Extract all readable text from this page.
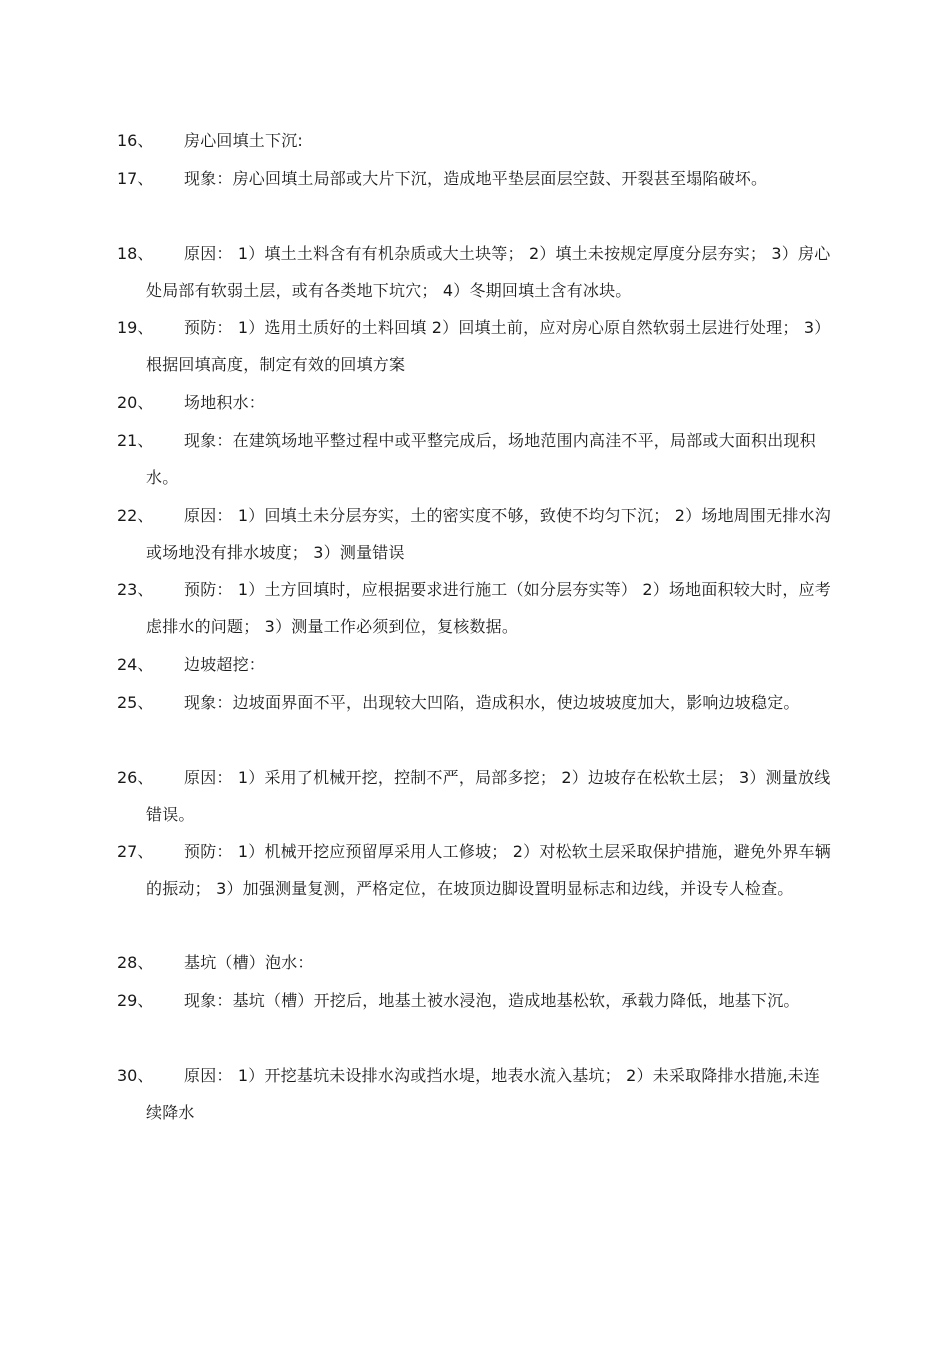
16、	房心回填土下沉:
17、	现象：房心回填土局部或大片下沉，造成地平垫层面层空鼓、开裂甚至塌陷破坏。
18、	原因： 1）填土土料含有有机杂质或大土块等； 2）填土未按规定厚度分层夯实； 3）房心处局部有软弱土层，或有各类地下坑穴； 4）冬期回填土含有冰块。
19、	预防： 1）选用土质好的土料回填 2）回填土前，应对房心原自然软弱土层进行处理； 3）根据回填高度，制定有效的回填方案
20、	场地积水：
21、	现象：在建筑场地平整过程中或平整完成后，场地范围内高洼不平，局部或大面积出现积水。
22、	原因： 1）回填土未分层夯实，土的密实度不够，致使不均匀下沉； 2）场地周围无排水沟或场地没有排水坡度； 3）测量错误
23、	预防： 1）土方回填时，应根据要求进行施工（如分层夯实等） 2）场地面积较大时，应考虑排水的问题； 3）测量工作必须到位，复核数据。
24、	边坡超挖：
25、	现象：边坡面界面不平，出现较大凹陷，造成积水，使边坡坡度加大，影响边坡稳定。
26、	原因： 1）采用了机械开挖，控制不严，局部多挖； 2）边坡存在松软土层； 3）测量放线错误。
27、	预防： 1）机械开挖应预留厚采用人工修坡； 2）对松软土层采取保护措施，避免外界车辆的振动； 3）加强测量复测，严格定位，在坡顶边脚设置明显标志和边线，并设专人检查。
28、	基坑（槽）泡水：
29、	现象：基坑（槽）开挖后，地基土被水浸泡，造成地基松软，承载力降低，地基下沉。
30、	原因： 1）开挖基坑未设排水沟或挡水堤，地表水流入基坑； 2）未采取降排水措施,未连续降水
